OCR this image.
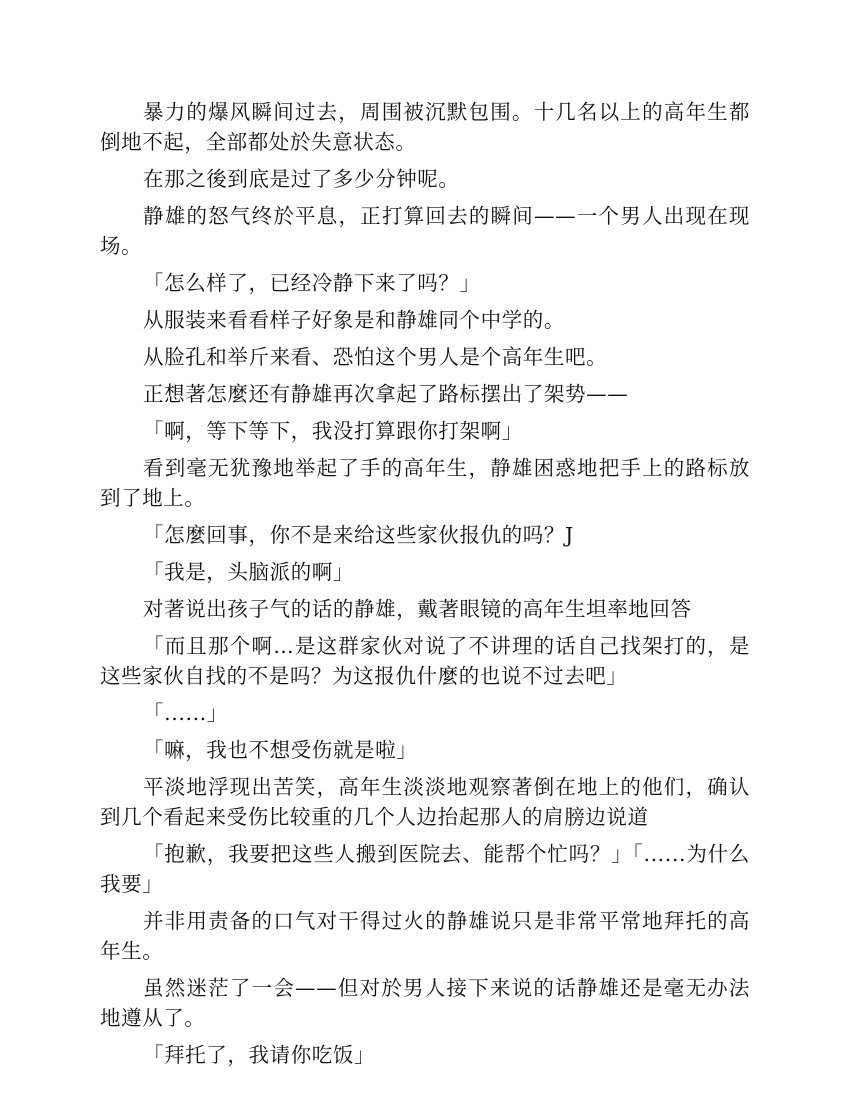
暴力的爆风瞬间过去，周围被沉默包围。十几名以上的高年生都倒地不起，全部都处於失意状态。

在那之後到底是过了多少分钟呢。

静雄的怒气终於平息，正打算回去的瞬间——一个男人出现在现场。

「怎么样了，已经冷静下来了吗？」

从服装来看看样子好象是和静雄同个中学的。

从脸孔和举斤来看、恐怕这个男人是个高年生吧。

正想著怎麼还有静雄再次拿起了路标摆出了架势——

「啊，等下等下，我没打算跟你打架啊」

看到毫无犹豫地举起了手的高年生，静雄困惑地把手上的路标放到了地上。

「怎麼回事，你不是来给这些家伙报仇的吗？J

「我是，头脑派的啊」

对著说出孩子气的话的静雄，戴著眼镜的高年生坦率地回答

「而且那个啊…是这群家伙对说了不讲理的话自己找架打的，是这些家伙自找的不是吗？为这报仇什麼的也说不过去吧」

「......」

「嘛，我也不想受伤就是啦」

平淡地浮现出苦笑，高年生淡淡地观察著倒在地上的他们，确认到几个看起来受伤比较重的几个人边抬起那人的肩膀边说道

「抱歉，我要把这些人搬到医院去、能帮个忙吗？」「......为什么我要」

并非用责备的口气对干得过火的静雄说只是非常平常地拜托的高年生。

虽然迷茫了一会——但对於男人接下来说的话静雄还是毫无办法地遵从了。

「拜托了，我请你吃饭」
